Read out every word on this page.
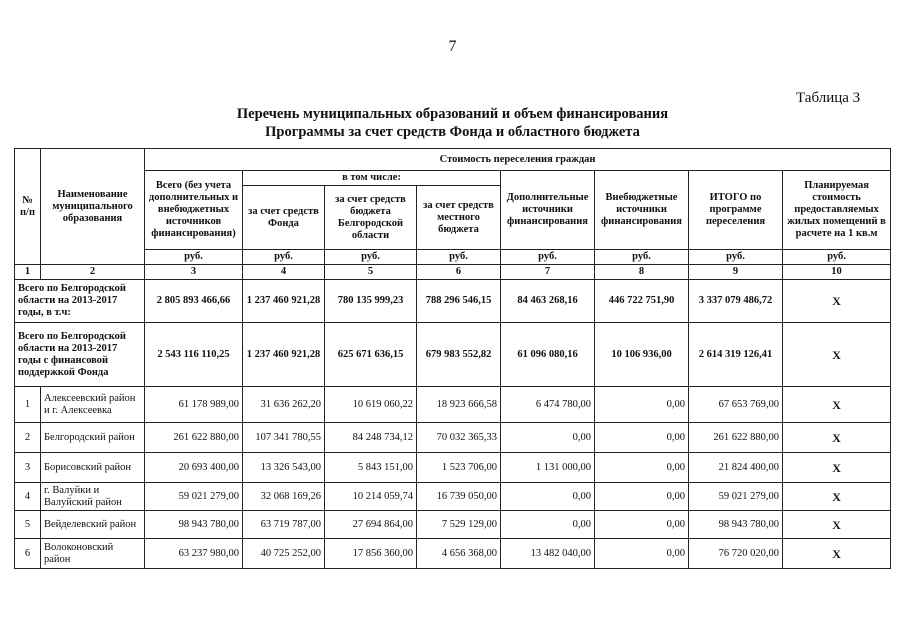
7
Таблица 3
Перечень муниципальных образований и объем финансирования
Программы за счет средств Фонда и областного бюджета
№ п/п	Наименование муниципального образования	Стоимость переселения граждан							
		Всего (без учета дополнительных и внебюджетных источников финансирования)	в том числе:			Дополнительные источники финансирования	Внебюджетные источники финансирования	ИТОГО по программе переселения	Планируемая стоимость предоставляемых жилых помещений в расчете на 1 кв.м
			за счет средств Фонда	за счет средств бюджета Белгородской области	за счет средств местного бюджета				
		руб.	руб.	руб.	руб.	руб.	руб.	руб.	руб.
1	2	3	4	5	6	7	8	9	10
Всего по Белгородской области на 2013-2017 годы, в т.ч:		2 805 893 466,66	1 237 460 921,28	780 135 999,23	788 296 546,15	84 463 268,16	446 722 751,90	3 337 079 486,72	Х
Всего по Белгородской области на 2013-2017 годы с финансовой поддержкой Фонда		2 543 116 110,25	1 237 460 921,28	625 671 636,15	679 983 552,82	61 096 080,16	10 106 936,00	2 614 319 126,41	Х
1	Алексеевский район и г. Алексеевка	61 178 989,00	31 636 262,20	10 619 060,22	18 923 666,58	6 474 780,00	0,00	67 653 769,00	Х
2	Белгородский район	261 622 880,00	107 341 780,55	84 248 734,12	70 032 365,33	0,00	0,00	261 622 880,00	Х
3	Борисовский район	20 693 400,00	13 326 543,00	5 843 151,00	1 523 706,00	1 131 000,00	0,00	21 824 400,00	Х
4	г. Валуйки и Валуйский район	59 021 279,00	32 068 169,26	10 214 059,74	16 739 050,00	0,00	0,00	59 021 279,00	Х
5	Вейделевский район	98 943 780,00	63 719 787,00	27 694 864,00	7 529 129,00	0,00	0,00	98 943 780,00	Х
6	Волоконовский район	63 237 980,00	40 725 252,00	17 856 360,00	4 656 368,00	13 482 040,00	0,00	76 720 020,00	Х
